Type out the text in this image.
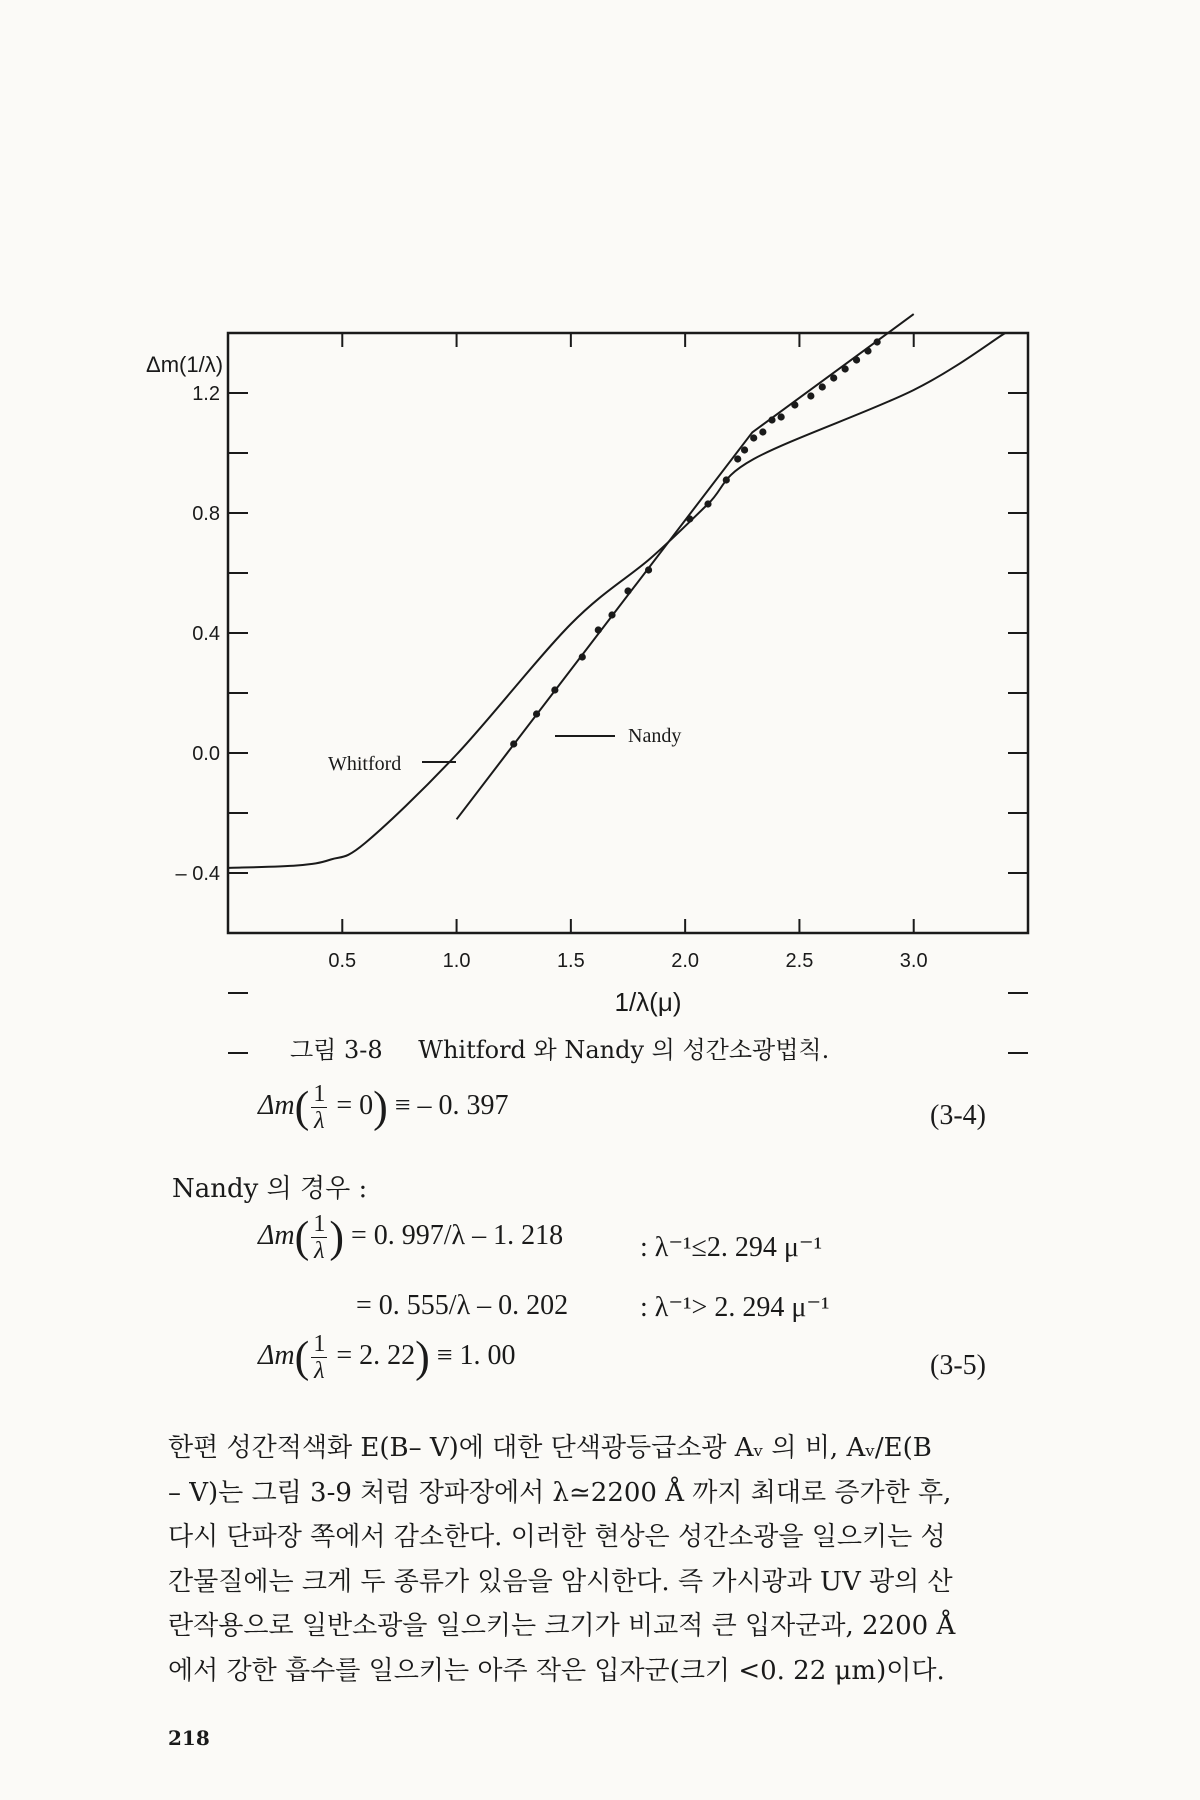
0.5	1.0	1.5	2.0	2.5	3.0
– 0.4
0.0
0.4
0.8
1.2
Δm(1/λ)
1/λ(μ)
Whitford
Nandy
그림 3-8 Whitford 와 Nandy 의 성간소광법칙.
$\Delta m( \frac{1}{\lambda} = 0)$ ≡ – 0. 397	(3-4)
Nandy 의 경우 :
$\Delta m( \frac{1}{\lambda}$ ) = 0. 997/λ – 1. 218	: λ⁻¹≤2. 294 μ⁻¹
= 0. 555/λ – 0. 202	: λ⁻¹> 2. 294 μ⁻¹
$\Delta m( \frac{1}{\lambda} = 2$. 22) ≡ 1. 00	(3-5)
한편 성간적색화 E(B– V)에 대한 단색광등급소광 Aᵥ 의 비, Aᵥ/E(B
– V)는 그림 3-9 처럼 장파장에서 λ≃2200 Å 까지 최대로 증가한 후,
다시 단파장 쪽에서 감소한다. 이러한 현상은 성간소광을 일으키는 성
간물질에는 크게 두 종류가 있음을 암시한다. 즉 가시광과 UV 광의 산
란작용으로 일반소광을 일으키는 크기가 비교적 큰 입자군과, 2200 Å
에서 강한 흡수를 일으키는 아주 작은 입자군(크기 <0. 22 μm)이다.
218
